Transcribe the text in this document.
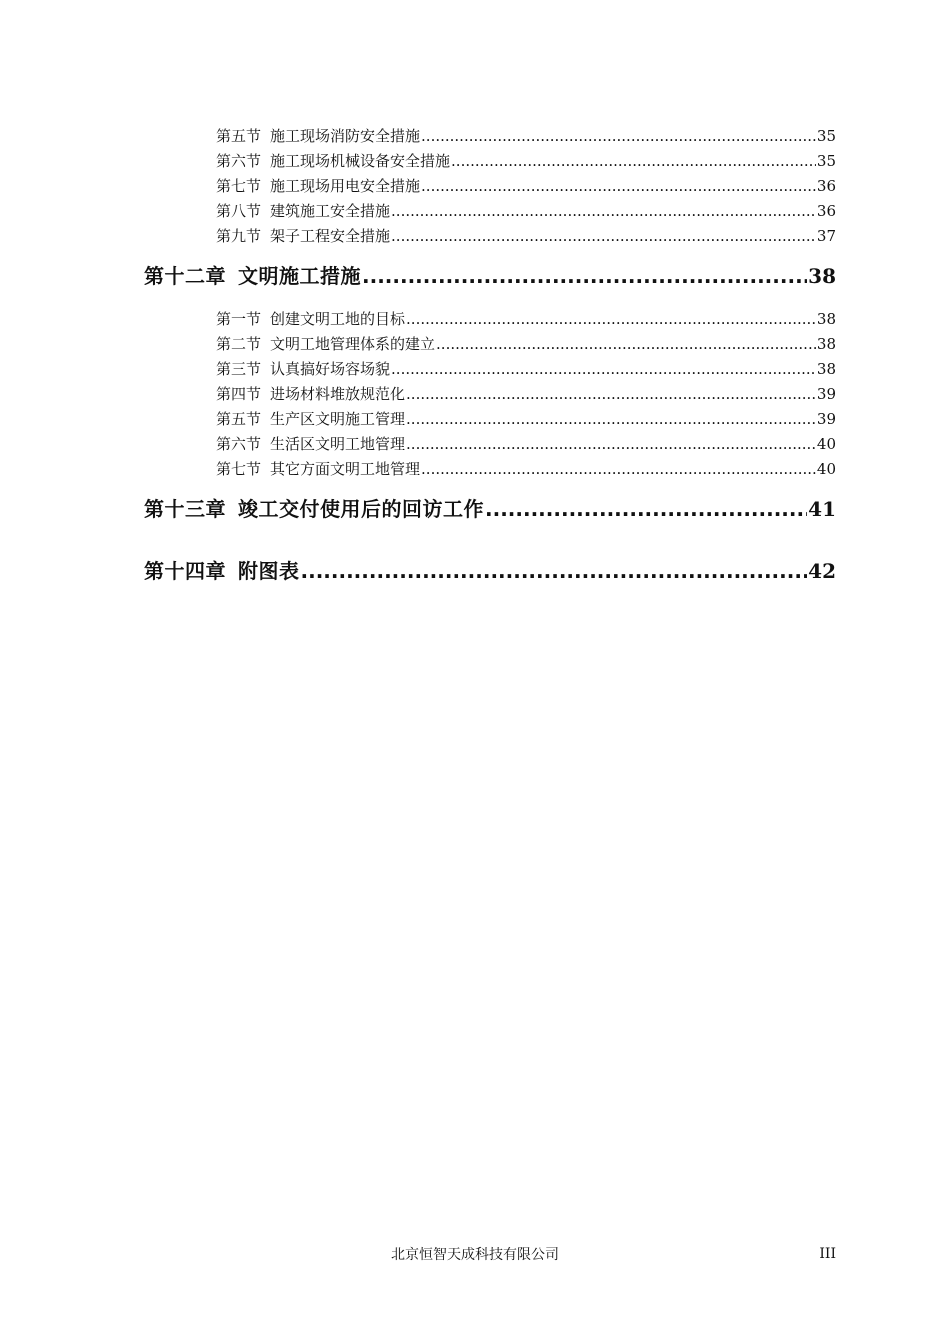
第五节 施工现场消防安全措施 .....	35
第六节 施工现场机械设备安全措施 .....	35
第七节 施工现场用电安全措施 .....	36
第八节 建筑施工安全措施 .....	36
第九节 架子工程安全措施 .....	37
第十二章 文明施工措施 .....	38
第一节 创建文明工地的目标 .....	38
第二节 文明工地管理体系的建立 .....	38
第三节 认真搞好场容场貌 .....	38
第四节 进场材料堆放规范化 .....	39
第五节 生产区文明施工管理 .....	39
第六节 生活区文明工地管理 .....	40
第七节 其它方面文明工地管理 .....	40
第十三章 竣工交付使用后的回访工作 .....	41
第十四章 附图表 .....	42
北京恒智天成科技有限公司	III
